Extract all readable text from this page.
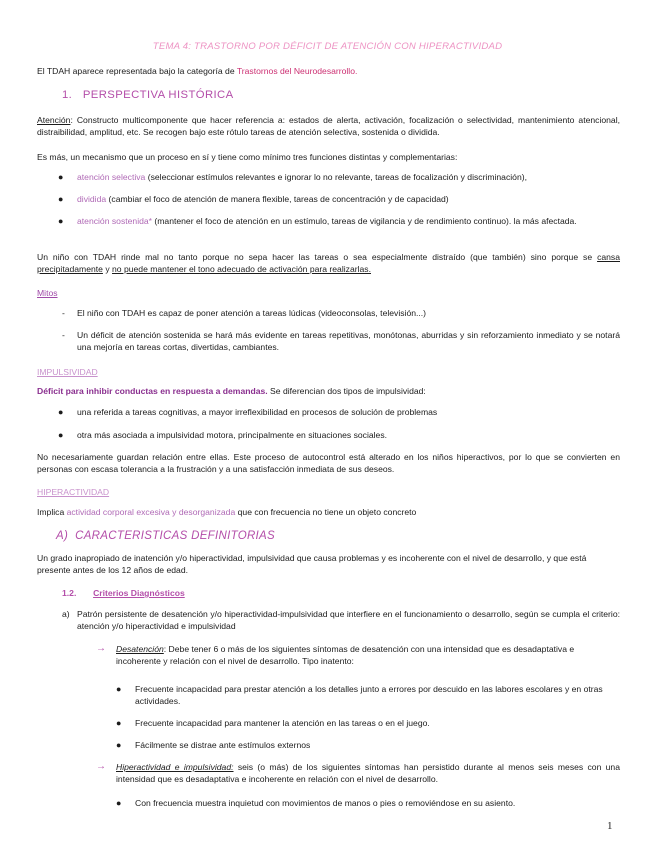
TEMA 4: TRASTORNO POR DÉFICIT DE ATENCIÓN CON HIPERACTIVIDAD
El TDAH aparece representada bajo la categoría de Trastornos del Neurodesarrollo.
1. PERSPECTIVA HISTÓRICA
Atención: Constructo multicomponente que hacer referencia a: estados de alerta, activación, focalización o selectividad, mantenimiento atencional, distraibilidad, amplitud, etc. Se recogen bajo este rótulo tareas de atención selectiva, sostenida o dividida.
Es más, un mecanismo que un proceso en sí y tiene como mínimo tres funciones distintas y complementarias:
● atención selectiva (seleccionar estímulos relevantes e ignorar lo no relevante, tareas de focalización y discriminación),
● dividida (cambiar el foco de atención de manera flexible, tareas de concentración y de capacidad)
● atención sostenida* (mantener el foco de atención en un estímulo, tareas de vigilancia y de rendimiento continuo). la más afectada.
Un niño con TDAH rinde mal no tanto porque no sepa hacer las tareas o sea especialmente distraído (que también) sino porque se cansa precipitadamente y no puede mantener el tono adecuado de activación para realizarlas.
Mitos
- El niño con TDAH es capaz de poner atención a tareas lúdicas (videoconsolas, televisión...)
- Un déficit de atención sostenida se hará más evidente en tareas repetitivas, monótonas, aburridas y sin reforzamiento inmediato y se notará una mejoría en tareas cortas, divertidas, cambiantes.
IMPULSIVIDAD
Déficit para inhibir conductas en respuesta a demandas. Se diferencian dos tipos de impulsividad:
● una referida a tareas cognitivas, a mayor irreflexibilidad en procesos de solución de problemas
● otra más asociada a impulsividad motora, principalmente en situaciones sociales.
No necesariamente guardan relación entre ellas. Este proceso de autocontrol está alterado en los niños hiperactivos, por lo que se convierten en personas con escasa tolerancia a la frustración y a una satisfacción inmediata de sus deseos.
HIPERACTIVIDAD
Implica actividad corporal excesiva y desorganizada que con frecuencia no tiene un objeto concreto
A) CARACTERISTICAS DEFINITORIAS
Un grado inapropiado de inatención y/o hiperactividad, impulsividad que causa problemas y es incoherente con el nivel de desarrollo, y que está presente antes de los 12 años de edad.
1.2. Criterios Diagnósticos
a) Patrón persistente de desatención y/o hiperactividad-impulsividad que interfiere en el funcionamiento o desarrollo, según se cumpla el criterio: atención y/o hiperactividad e impulsividad
→ Desatención: Debe tener 6 o más de los siguientes síntomas de desatención con una intensidad que es desadaptativa e incoherente y relación con el nivel de desarrollo. Tipo inatento:
● Frecuente incapacidad para prestar atención a los detalles junto a errores por descuido en las labores escolares y en otras actividades.
● Frecuente incapacidad para mantener la atención en las tareas o en el juego.
● Fácilmente se distrae ante estímulos externos
→ Hiperactividad e impulsividad: seis (o más) de los siguientes síntomas han persistido durante al menos seis meses con una intensidad que es desadaptativa e incoherente en relación con el nivel de desarrollo.
● Con frecuencia muestra inquietud con movimientos de manos o pies o removiéndose en su asiento.
1
